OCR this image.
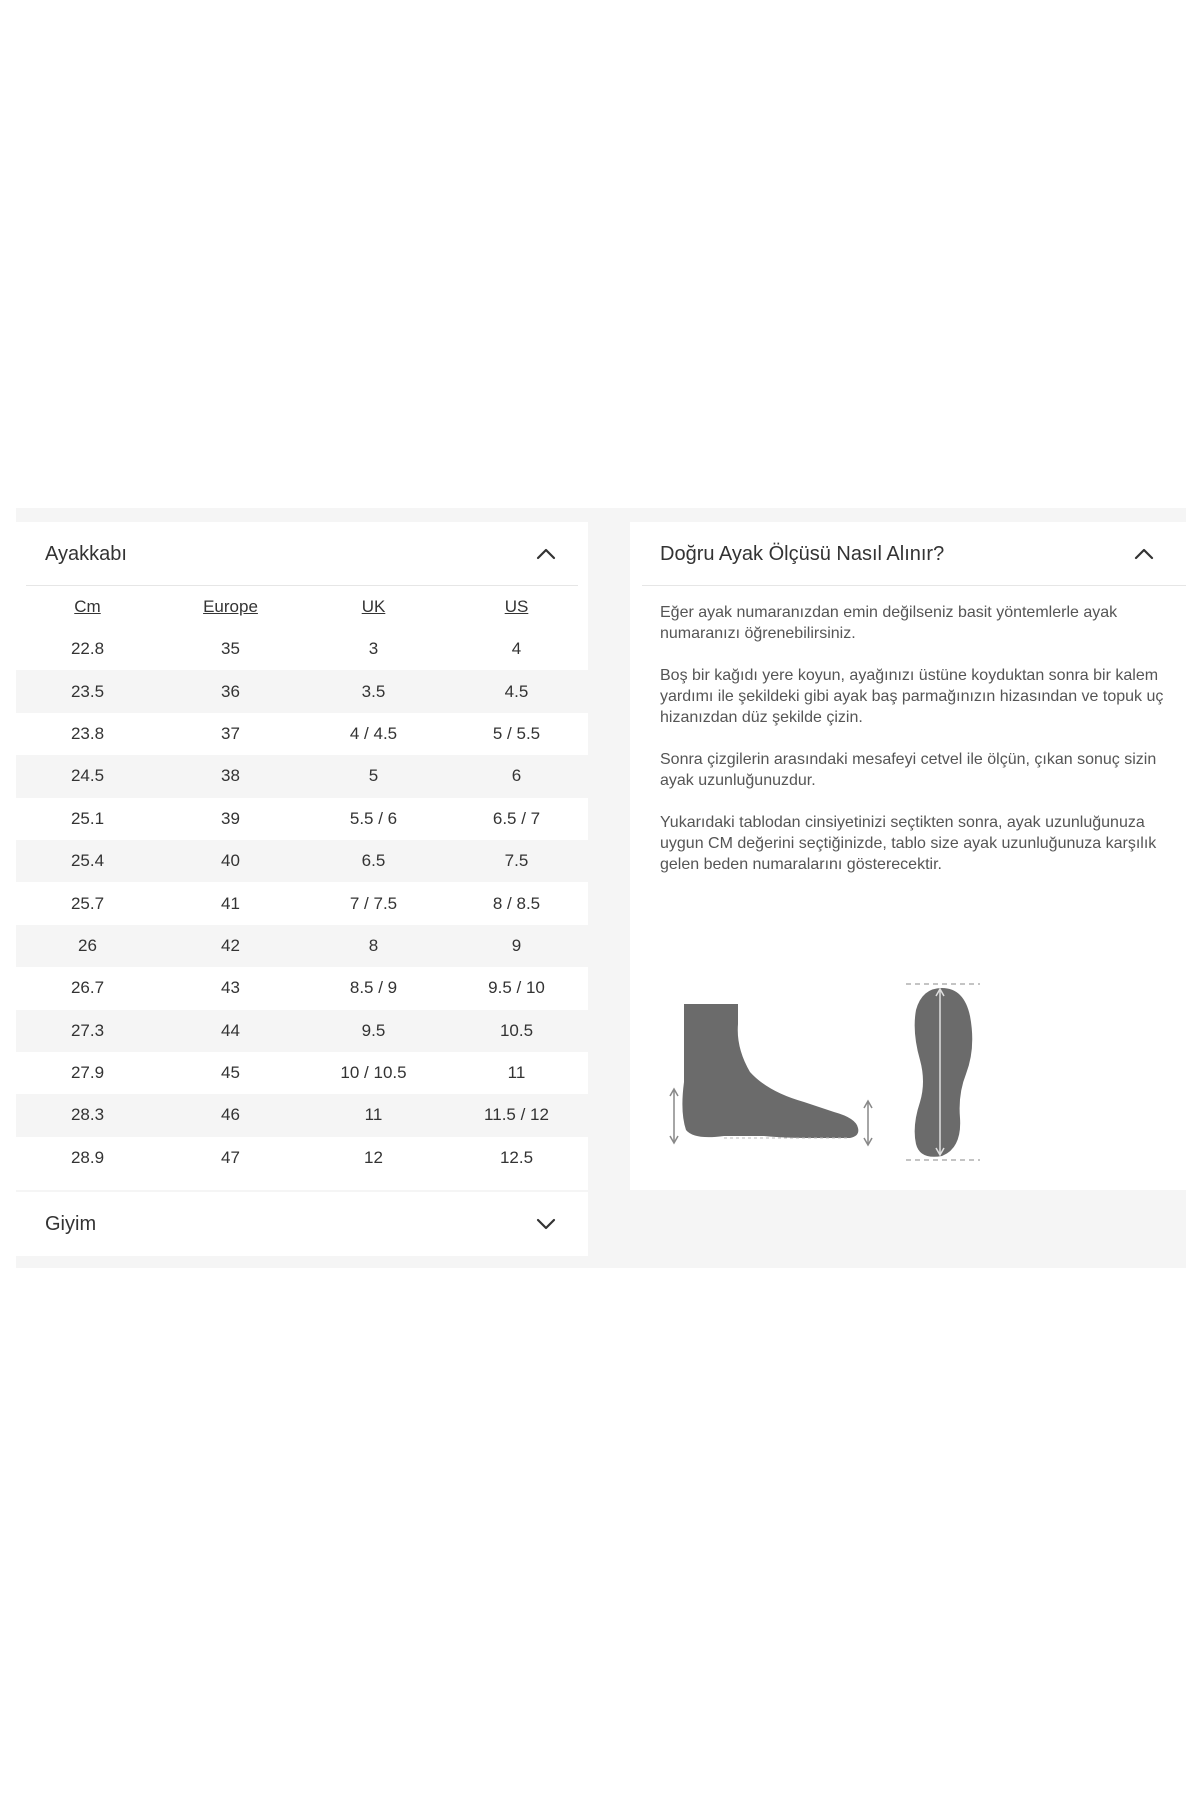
Ayakkabı
Cm	Europe	UK	US
22.8	35	3	4
23.5	36	3.5	4.5
23.8	37	4 / 4.5	5 / 5.5
24.5	38	5	6
25.1	39	5.5 / 6	6.5 / 7
25.4	40	6.5	7.5
25.7	41	7 / 7.5	8 / 8.5
26	42	8	9
26.7	43	8.5 / 9	9.5 / 10
27.3	44	9.5	10.5
27.9	45	10 / 10.5	11
28.3	46	11	11.5 / 12
28.9	47	12	12.5
Giyim
Doğru Ayak Ölçüsü Nasıl Alınır?

Eğer ayak numaranızdan emin değilseniz basit yöntemlerle ayak numaranızı öğrenebilirsiniz.

Boş bir kağıdı yere koyun, ayağınızı üstüne koyduktan sonra bir kalem yardımı ile şekildeki gibi ayak baş parmağınızın hizasından ve topuk uç hizanızdan düz şekilde çizin.

Sonra çizgilerin arasındaki mesafeyi cetvel ile ölçün, çıkan sonuç sizin ayak uzunluğunuzdur.

Yukarıdaki tablodan cinsiyetinizi seçtikten sonra, ayak uzunluğunuza uygun CM değerini seçtiğinizde, tablo size ayak uzunluğunuza karşılık gelen beden numaralarını gösterecektir.
